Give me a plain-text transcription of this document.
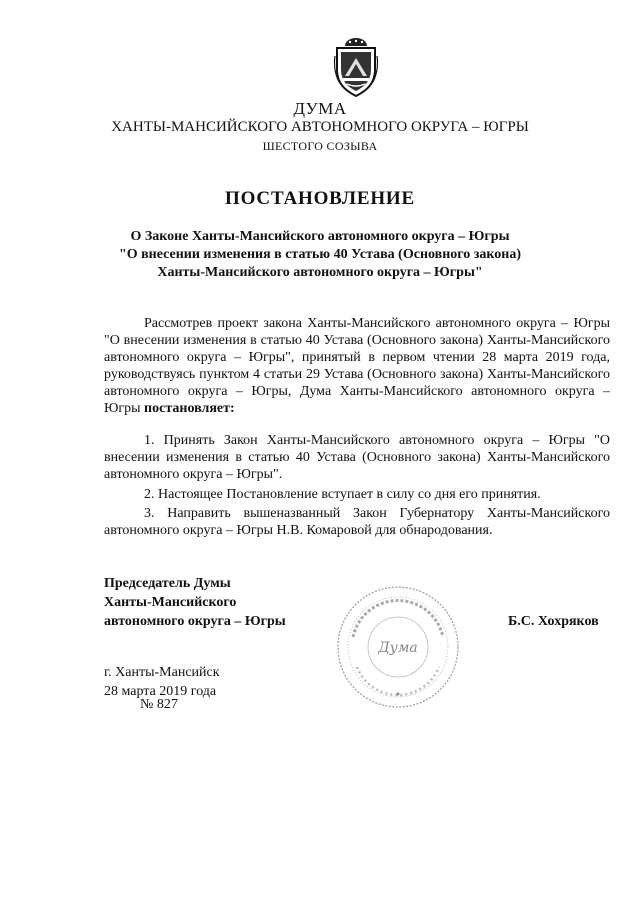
ДУМА
ХАНТЫ-МАНСИЙСКОГО АВТОНОМНОГО ОКРУГА – ЮГРЫ
ШЕСТОГО СОЗЫВА
ПОСТАНОВЛЕНИЕ
О Законе Ханты-Мансийского автономного округа – Югры
"О внесении изменения в статью 40 Устава (Основного закона)
Ханты-Мансийского автономного округа – Югры"
Рассмотрев проект закона Ханты-Мансийского автономного округа – Югры "О внесении изменения в статью 40 Устава (Основного закона) Ханты-Мансийского автономного округа – Югры", принятый в первом чтении 28 марта 2019 года, руководствуясь пунктом 4 статьи 29 Устава (Основного закона) Ханты-Мансийского автономного округа – Югры, Дума Ханты-Мансийского автономного округа – Югры постановляет:
1. Принять Закон Ханты-Мансийского автономного округа – Югры "О внесении изменения в статью 40 Устава (Основного закона) Ханты-Мансийского автономного округа – Югры".
2. Настоящее Постановление вступает в силу со дня его принятия.
3. Направить вышеназванный Закон Губернатору Ханты-Мансийского автономного округа – Югры Н.В. Комаровой для обнародования.
Председатель Думы
Ханты-Мансийского
автономного округа – Югры
Дума
Б.С. Хохряков
г. Ханты-Мансийск
28 марта 2019 года
№ 827
